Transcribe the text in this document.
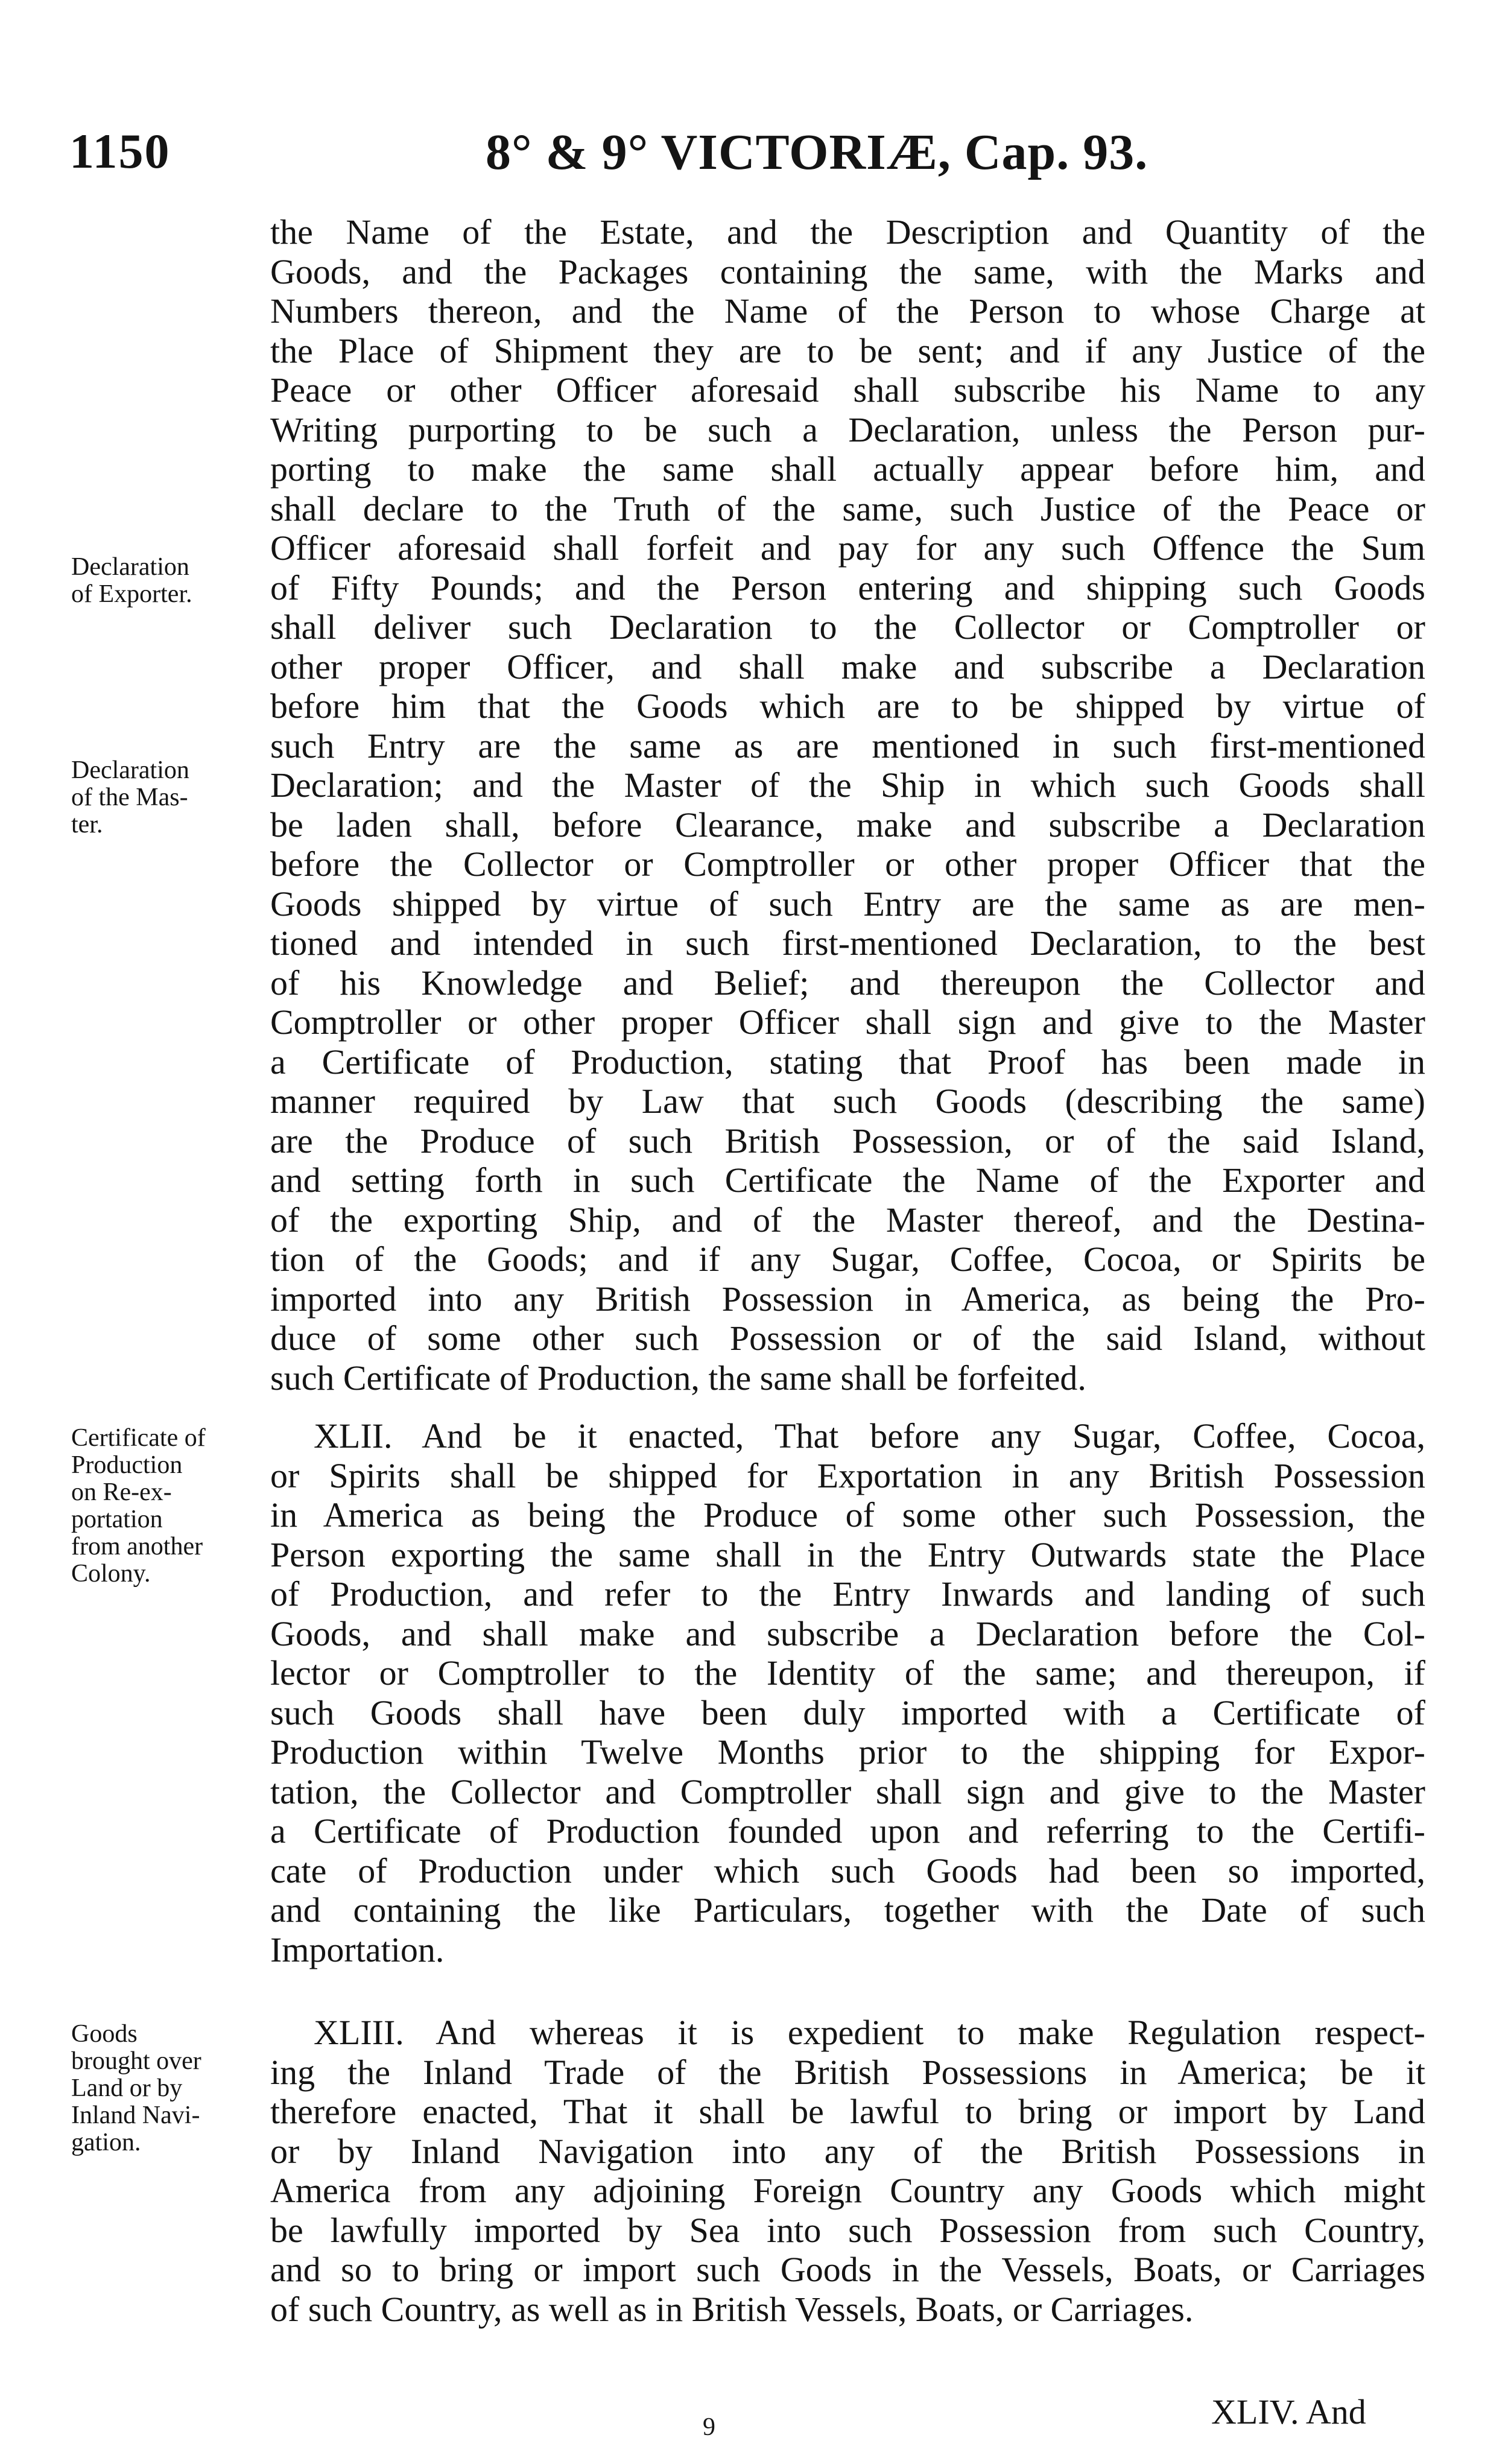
1150	8° & 9° VICTORIÆ, Cap. 93.
the Name of the Estate, and the Description and Quantity of the
Goods, and the Packages containing the same, with the Marks and
Numbers thereon, and the Name of the Person to whose Charge at
the Place of Shipment they are to be sent; and if any Justice of the
Peace or other Officer aforesaid shall subscribe his Name to any
Writing purporting to be such a Declaration, unless the Person pur-
porting to make the same shall actually appear before him, and
shall declare to the Truth of the same, such Justice of the Peace or
Officer aforesaid shall forfeit and pay for any such Offence the Sum
of Fifty Pounds; and the Person entering and shipping such Goods
shall deliver such Declaration to the Collector or Comptroller or
other proper Officer, and shall make and subscribe a Declaration
before him that the Goods which are to be shipped by virtue of
such Entry are the same as are mentioned in such first-mentioned
Declaration; and the Master of the Ship in which such Goods shall
be laden shall, before Clearance, make and subscribe a Declaration
before the Collector or Comptroller or other proper Officer that the
Goods shipped by virtue of such Entry are the same as are men-
tioned and intended in such first-mentioned Declaration, to the best
of his Knowledge and Belief; and thereupon the Collector and
Comptroller or other proper Officer shall sign and give to the Master
a Certificate of Production, stating that Proof has been made in
manner required by Law that such Goods (describing the same)
are the Produce of such British Possession, or of the said Island,
and setting forth in such Certificate the Name of the Exporter and
of the exporting Ship, and of the Master thereof, and the Destina-
tion of the Goods; and if any Sugar, Coffee, Cocoa, or Spirits be
imported into any British Possession in America, as being the Pro-
duce of some other such Possession or of the said Island, without
such Certificate of Production, the same shall be forfeited.
XLII. And be it enacted, That before any Sugar, Coffee, Cocoa,
or Spirits shall be shipped for Exportation in any British Possession
in America as being the Produce of some other such Possession, the
Person exporting the same shall in the Entry Outwards state the Place
of Production, and refer to the Entry Inwards and landing of such
Goods, and shall make and subscribe a Declaration before the Col-
lector or Comptroller to the Identity of the same; and thereupon, if
such Goods shall have been duly imported with a Certificate of
Production within Twelve Months prior to the shipping for Expor-
tation, the Collector and Comptroller shall sign and give to the Master
a Certificate of Production founded upon and referring to the Certifi-
cate of Production under which such Goods had been so imported,
and containing the like Particulars, together with the Date of such
Importation.
XLIII. And whereas it is expedient to make Regulation respect-
ing the Inland Trade of the British Possessions in America; be it
therefore enacted, That it shall be lawful to bring or import by Land
or by Inland Navigation into any of the British Possessions in
America from any adjoining Foreign Country any Goods which might
be lawfully imported by Sea into such Possession from such Country,
and so to bring or import such Goods in the Vessels, Boats, or Carriages
of such Country, as well as in British Vessels, Boats, or Carriages.
Declaration
of Exporter.
Declaration
of the Mas-
ter.
Certificate of
Production
on Re-ex-
portation
from another
Colony.
Goods
brought over
Land or by
Inland Navi-
gation.
9	XLIV. And
